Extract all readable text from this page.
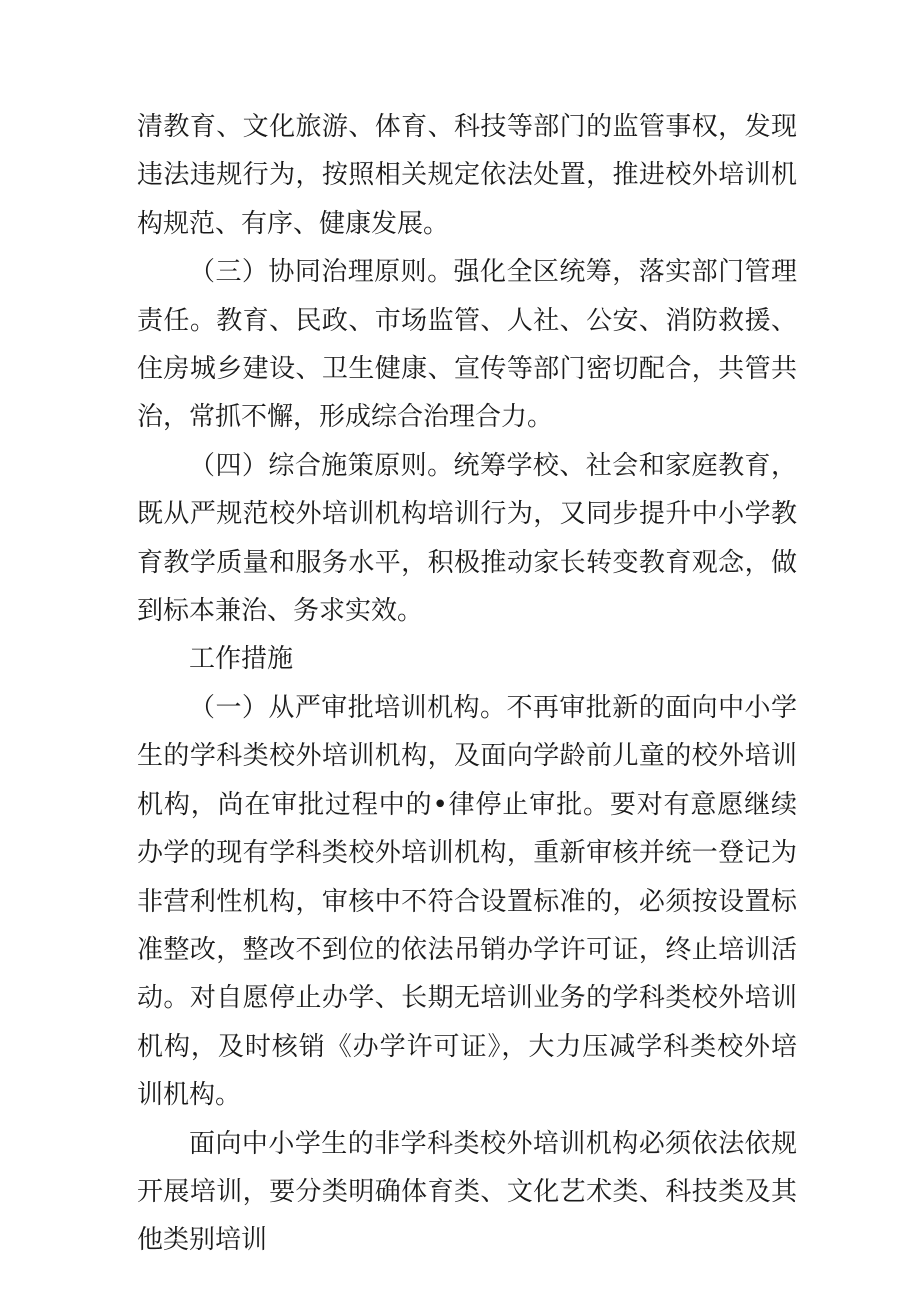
清教育、文化旅游、体育、科技等部门的监管事权，发现违法违规行为，按照相关规定依法处置，推进校外培训机构规范、有序、健康发展。

（三）协同治理原则。强化全区统筹，落实部门管理责任。教育、民政、市场监管、人社、公安、消防救援、住房城乡建设、卫生健康、宣传等部门密切配合，共管共治，常抓不懈，形成综合治理合力。

（四）综合施策原则。统筹学校、社会和家庭教育，既从严规范校外培训机构培训行为，又同步提升中小学教育教学质量和服务水平，积极推动家长转变教育观念，做到标本兼治、务求实效。

工作措施

（一）从严审批培训机构。不再审批新的面向中小学生的学科类校外培训机构，及面向学龄前儿童的校外培训机构，尚在审批过程中的•律停止审批。要对有意愿继续办学的现有学科类校外培训机构，重新审核并统一登记为非营利性机构，审核中不符合设置标准的，必须按设置标准整改，整改不到位的依法吊销办学许可证，终止培训活动。对自愿停止办学、长期无培训业务的学科类校外培训机构，及时核销《办学许可证》，大力压减学科类校外培训机构。

面向中小学生的非学科类校外培训机构必须依法依规开展培训，要分类明确体育类、文化艺术类、科技类及其他类别培训
